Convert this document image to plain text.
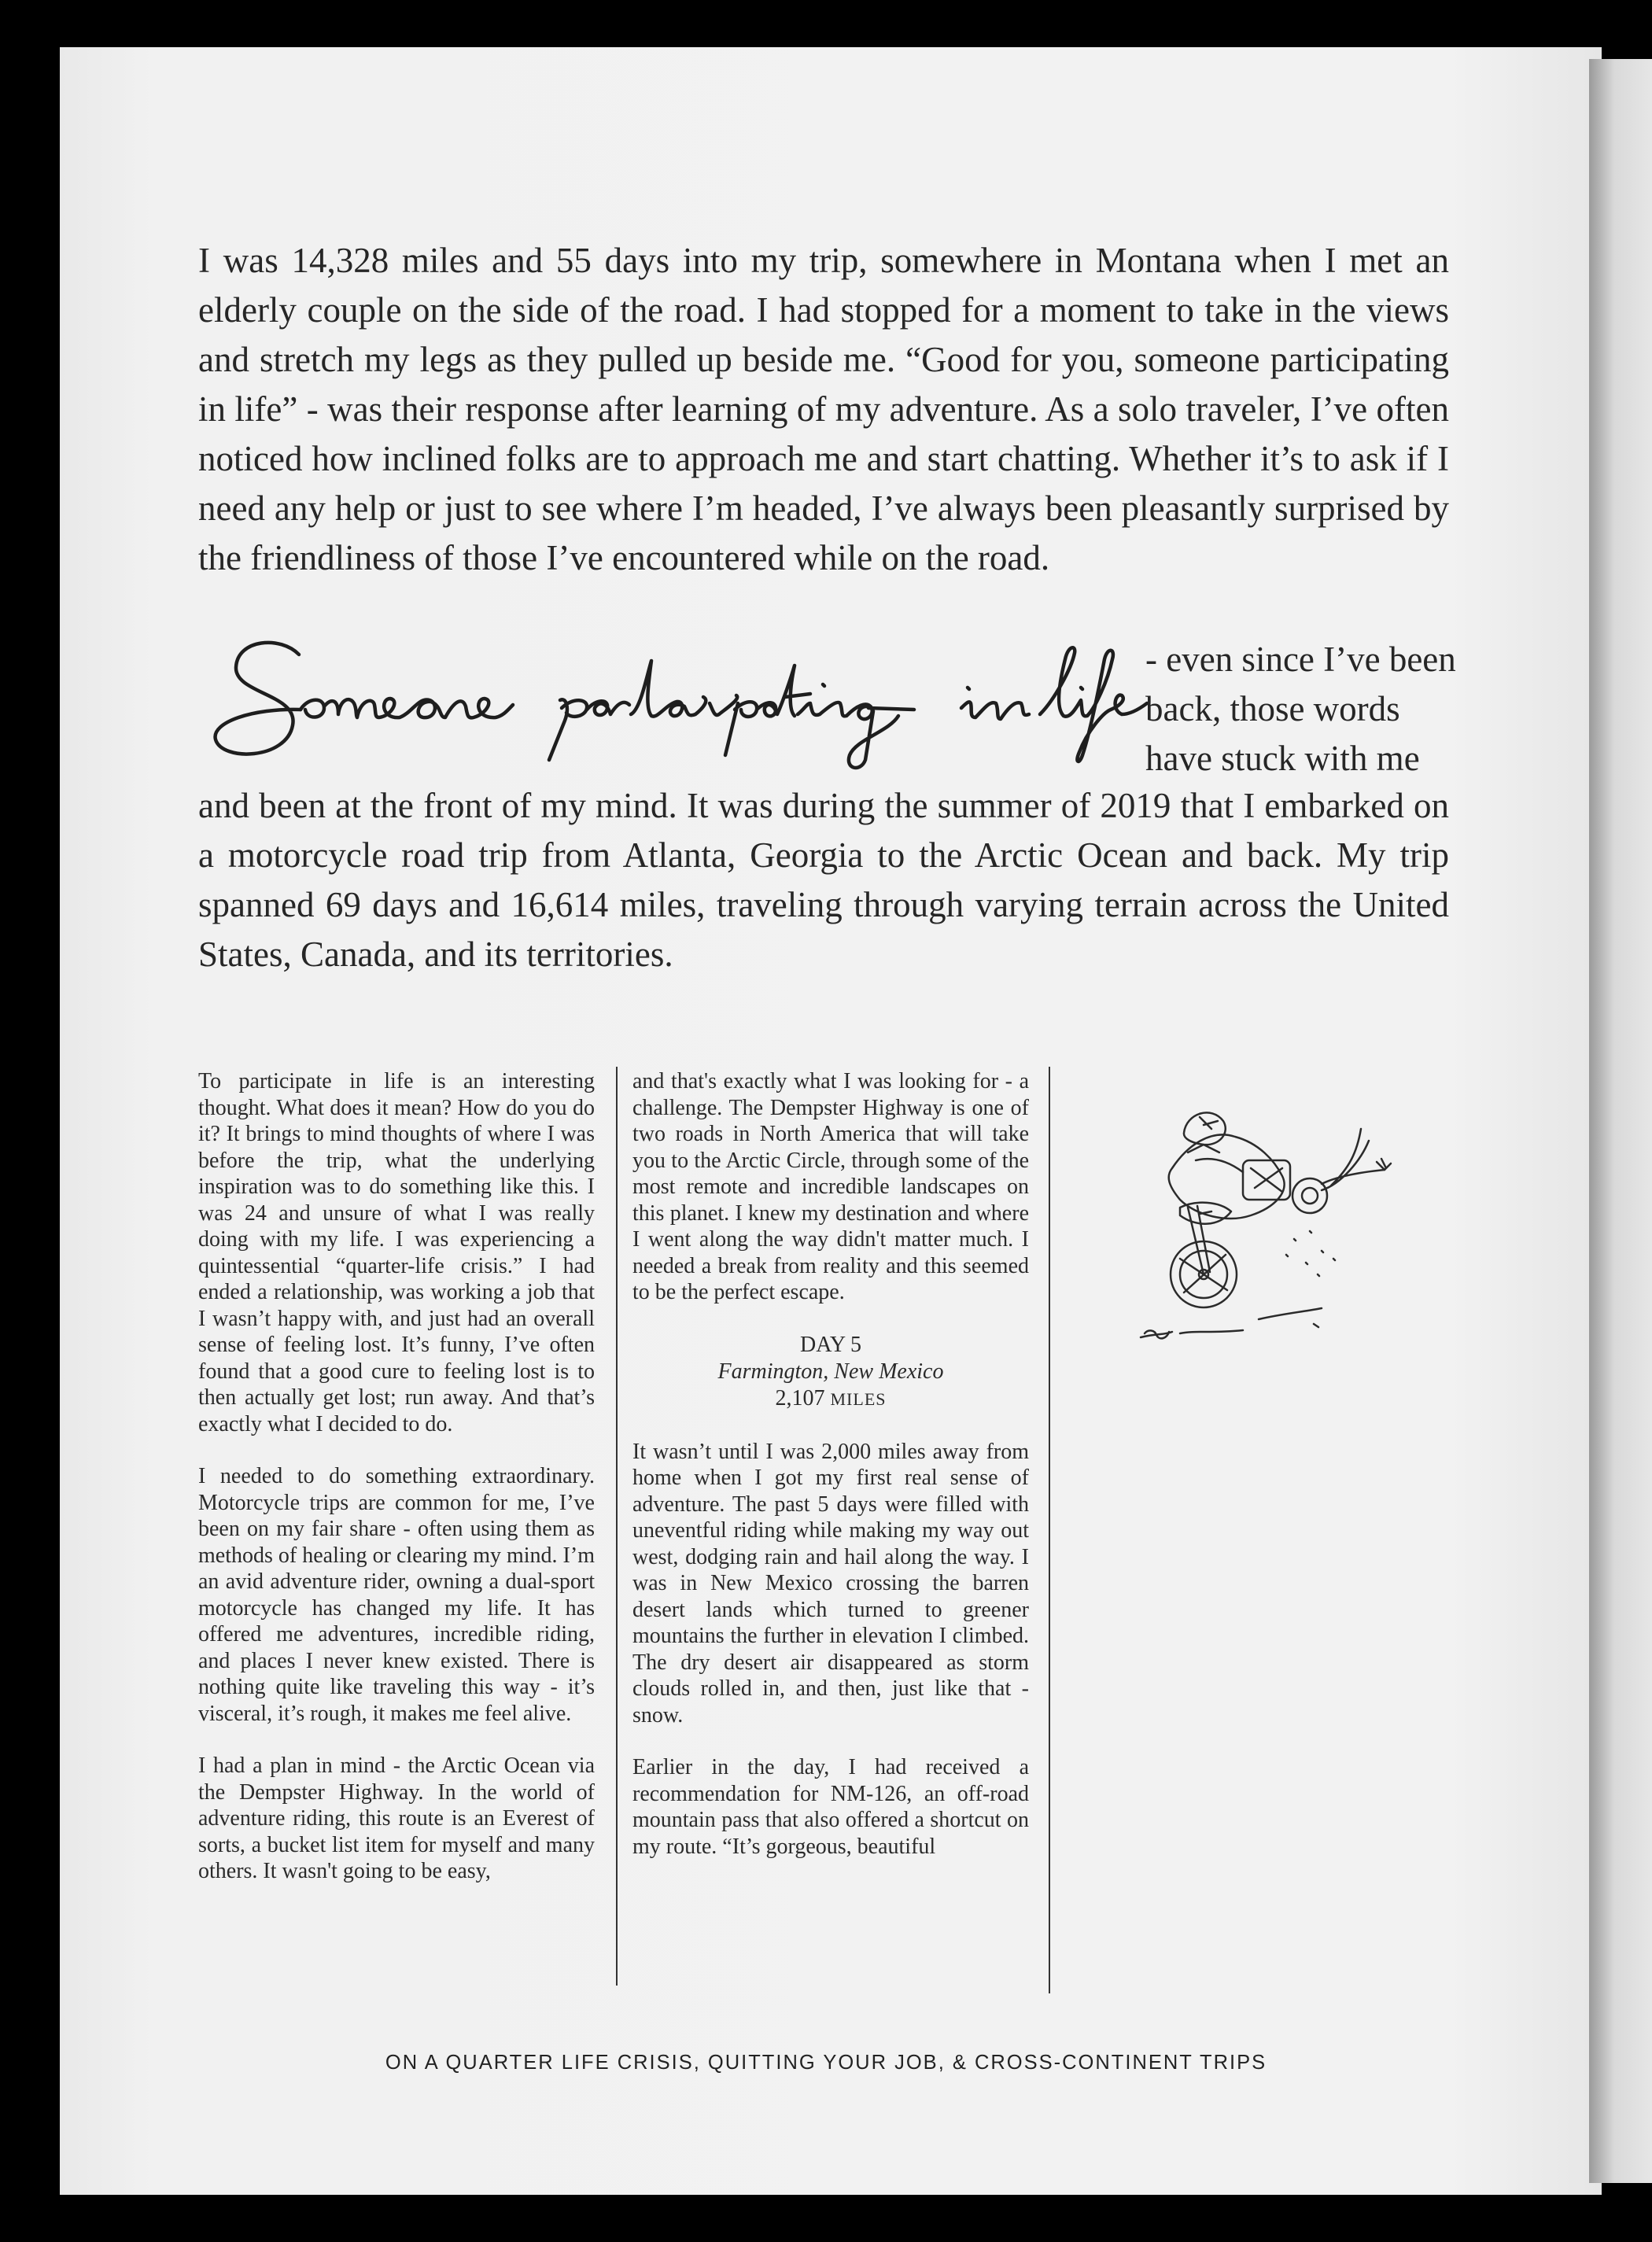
I was 14,328 miles and 55 days into my trip, somewhere in Montana when I met an elderly couple on the side of the road. I had stopped for a moment to take in the views and stretch my legs as they pulled up beside me. “Good for you, someone participating in life” - was their response after learning of my adventure. As a solo traveler, I’ve often noticed how inclined folks are to approach me and start chatting. Whether it’s to ask if I need any help or just to see where I’m headed, I’ve always been pleasantly surprised by the friendliness of those I’ve encountered while on the road.

- even since I’ve been
back, those words
have stuck with me

and been at the front of my mind. It was during the summer of 2019 that I embarked on a motorcycle road trip from Atlanta, Georgia to the Arctic Ocean and back. My trip spanned 69 days and 16,614 miles, traveling through varying terrain across the United States, Canada, and its territories.

To participate in life is an interesting thought. What does it mean? How do you do it? It brings to mind thoughts of where I was before the trip, what the underlying inspiration was to do something like this. I was 24 and unsure of what I was really doing with my life. I was experiencing a quintessential “quarter-life crisis.” I had ended a relationship, was working a job that I wasn’t happy with, and just had an overall sense of feeling lost. It’s funny, I’ve often found that a good cure to feeling lost is to then actually get lost; run away. And that’s exactly what I decided to do.

I needed to do something extraordinary. Motorcycle trips are common for me, I’ve been on my fair share - often using them as methods of healing or clearing my mind. I’m an avid adventure rider, owning a dual-sport motorcycle has changed my life. It has offered me adventures, incredible riding, and places I never knew existed. There is nothing quite like traveling this way - it’s visceral, it’s rough, it makes me feel alive.

I had a plan in mind - the Arctic Ocean via the Dempster Highway. In the world of adventure riding, this route is an Everest of sorts, a bucket list item for myself and many others. It wasn't going to be easy,

and that's exactly what I was looking for - a challenge. The Dempster Highway is one of two roads in North America that will take you to the Arctic Circle, through some of the most remote and incredible landscapes on this planet. I knew my destination and where I went along the way didn't matter much. I needed a break from reality and this seemed to be the perfect escape.

DAY 5
Farmington, New Mexico
2,107 MILES

It wasn’t until I was 2,000 miles away from home when I got my first real sense of adventure. The past 5 days were filled with uneventful riding while making my way out west, dodging rain and hail along the way. I was in New Mexico crossing the barren desert lands which turned to greener mountains the further in elevation I climbed. The dry desert air disappeared as storm clouds rolled in, and then, just like that - snow.

Earlier in the day, I had received a recommendation for NM-126, an off-road mountain pass that also offered a shortcut on my route. “It’s gorgeous, beautiful

ON A QUARTER LIFE CRISIS, QUITTING YOUR JOB, & CROSS-CONTINENT TRIPS
